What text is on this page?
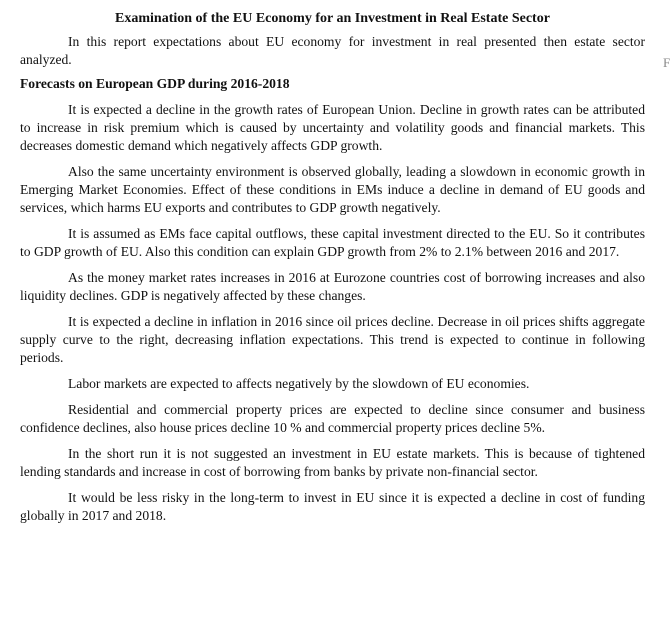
Examination of the EU Economy for an Investment in Real Estate Sector

In this report expectations about EU economy for investment in real presented then estate sector analyzed.

Forecasts on European GDP during 2016-2018

It is expected a decline in the growth rates of European Union. Decline in growth rates can be attributed to increase in risk premium which is caused by uncertainty and volatility goods and financial markets. This decreases domestic demand which negatively affects GDP growth.

Also the same uncertainty environment is observed globally, leading a slowdown in economic growth in Emerging Market Economies. Effect of these conditions in EMs induce a decline in demand of EU goods and services, which harms EU exports and contributes to GDP growth negatively.

It is assumed as EMs face capital outflows, these capital investment directed to the EU. So it contributes to GDP growth of EU. Also this condition can explain GDP growth from 2% to 2.1% between 2016 and 2017.

As the money market rates increases in 2016 at Eurozone countries cost of borrowing increases and also liquidity declines. GDP is negatively affected by these changes.

It is expected a decline in inflation in 2016 since oil prices decline. Decrease in oil prices shifts aggregate supply curve to the right, decreasing inflation expectations. This trend is expected to continue in following periods.

Labor markets are expected to affects negatively by the slowdown of EU economies.

Residential and commercial property prices are expected to decline since consumer and business confidence declines, also house prices decline 10 % and commercial property prices decline 5%.

In the short run it is not suggested an investment in EU estate markets. This is because of tightened lending standards and increase in cost of borrowing from banks by private non-financial sector.

It would be less risky in the long-term to invest in EU since it is expected a decline in cost of funding globally in 2017 and 2018.

F
